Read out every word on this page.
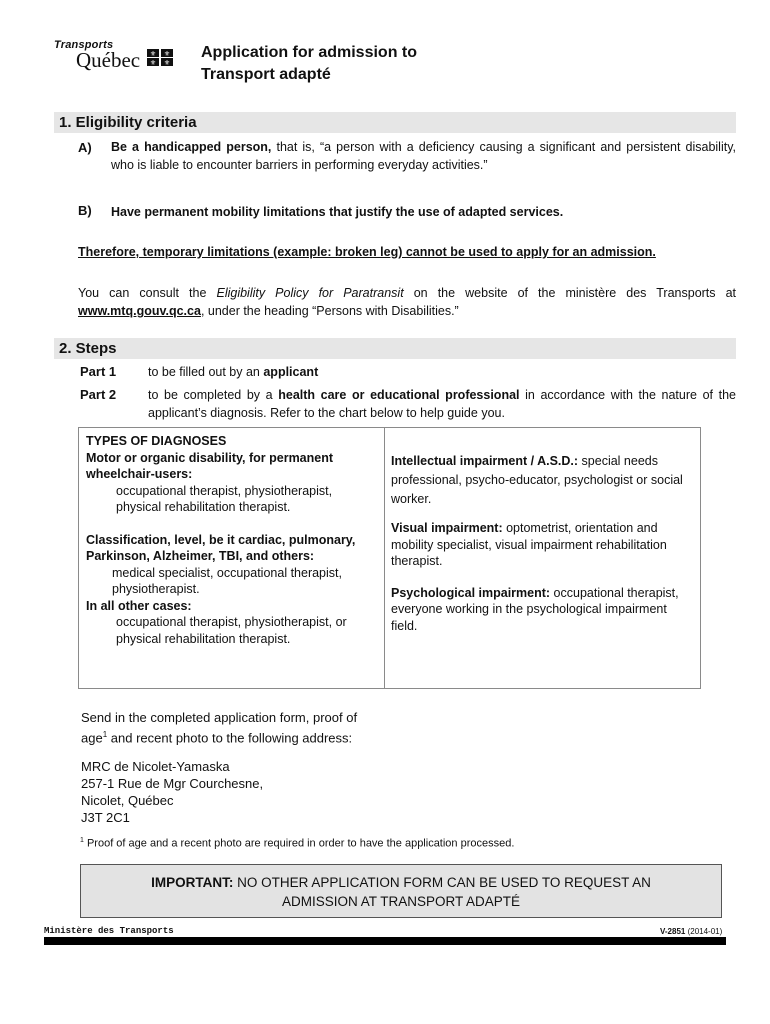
Transports
Québec ⚜ ⚜
⚜ ⚜
Application for admission to
Transport adapté
1. Eligibility criteria
A) Be a handicapped person, that is, “a person with a deficiency causing a significant and persistent disability, who is liable to encounter barriers in performing everyday activities.”
B) Have permanent mobility limitations that justify the use of adapted services.
Therefore, temporary limitations (example: broken leg) cannot be used to apply for an admission.
You can consult the Eligibility Policy for Paratransit on the website of the ministère des Transports at www.mtq.gouv.qc.ca, under the heading “Persons with Disabilities.”
2. Steps
Part 1	to be filled out by an applicant
Part 2	to be completed by a health care or educational professional in accordance with the nature of the applicant’s diagnosis. Refer to the chart below to help guide you.
TYPES OF DIAGNOSES
Motor or organic disability, for permanent wheelchair-users:
occupational therapist, physiotherapist, physical rehabilitation therapist.
Classification, level, be it cardiac, pulmonary, Parkinson, Alzheimer, TBI, and others:
medical specialist, occupational therapist, physiotherapist.
In all other cases:
occupational therapist, physiotherapist, or physical rehabilitation therapist.
Intellectual impairment / A.S.D.: special needs professional, psycho-educator, psychologist or social worker.
Visual impairment: optometrist, orientation and mobility specialist, visual impairment rehabilitation therapist.
Psychological impairment: occupational therapist, everyone working in the psychological impairment field.
Send in the completed application form, proof of age$^1$ and recent photo to the following address:
MRC de Nicolet-Yamaska
257-1 Rue de Mgr Courchesne,
Nicolet, Québec
J3T 2C1
$^1$ Proof of age and a recent photo are required in order to have the application processed.
IMPORTANT: NO OTHER APPLICATION FORM CAN BE USED TO REQUEST AN
ADMISSION AT TRANSPORT ADAPTÉ
Ministère des Transports	V-2851 (2014-01)
